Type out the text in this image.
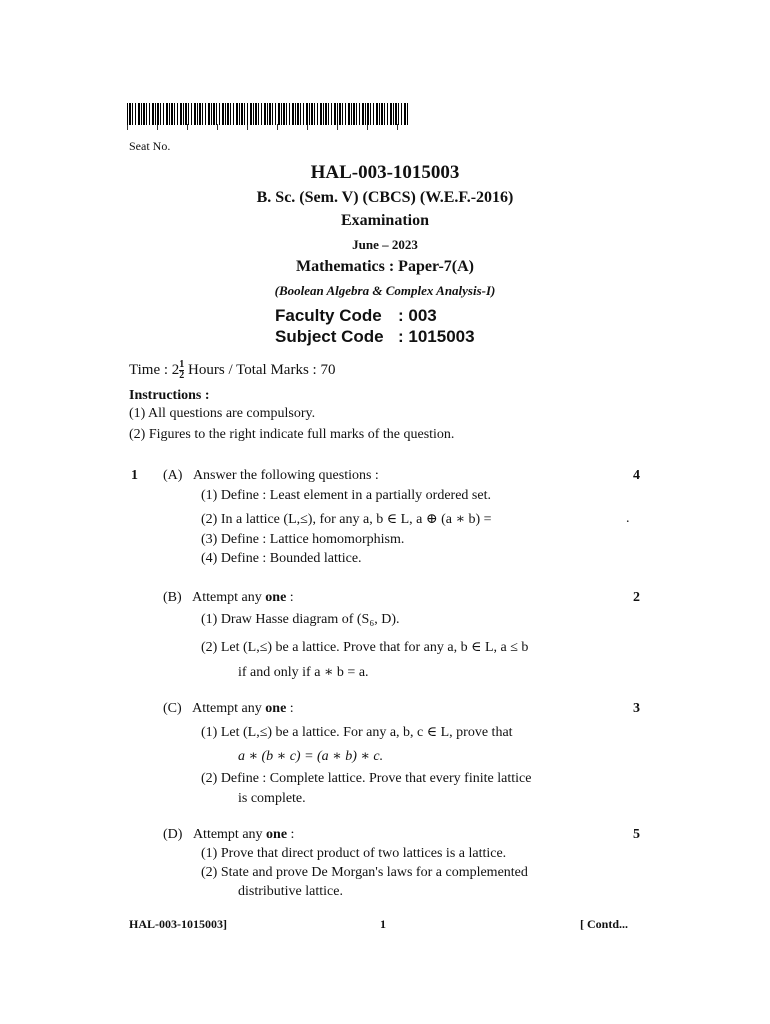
Seat No.
HAL-003-1015003
B. Sc. (Sem. V) (CBCS) (W.E.F.-2016)
Examination
June – 2023
Mathematics : Paper-7(A)
(Boolean Algebra & Complex Analysis-I)
Faculty Code : 003
Subject Code : 1015003
Time : $2 \frac{1}{2}$ Hours / Total Marks : 70
Instructions :
(1) All questions are compulsory.
(2) Figures to the right indicate full marks of the question.
1 (A) Answer the following questions :	4
(1) Define : Least element in a partially ordered set.
(2) In a lattice (L,≤), for any a, b ∈ L, a ⊕ (a ∗ b) =	.
(3) Define : Lattice homomorphism.
(4) Define : Bounded lattice.
(B) Attempt any one :	2
(1) Draw Hasse diagram of (S₆, D).
(2) Let (L,≤) be a lattice. Prove that for any a, b ∈ L, a ≤ b
if and only if a ∗ b = a.
(C) Attempt any one :	3
(1) Let (L,≤) be a lattice. For any a, b, c ∈ L, prove that
a ∗ (b ∗ c) = (a ∗ b) ∗ c.
(2) Define : Complete lattice. Prove that every finite lattice
is complete.
(D) Attempt any one :	5
(1) Prove that direct product of two lattices is a lattice.
(2) State and prove De Morgan's laws for a complemented
distributive lattice.
HAL-003-1015003]	1	[ Contd...
